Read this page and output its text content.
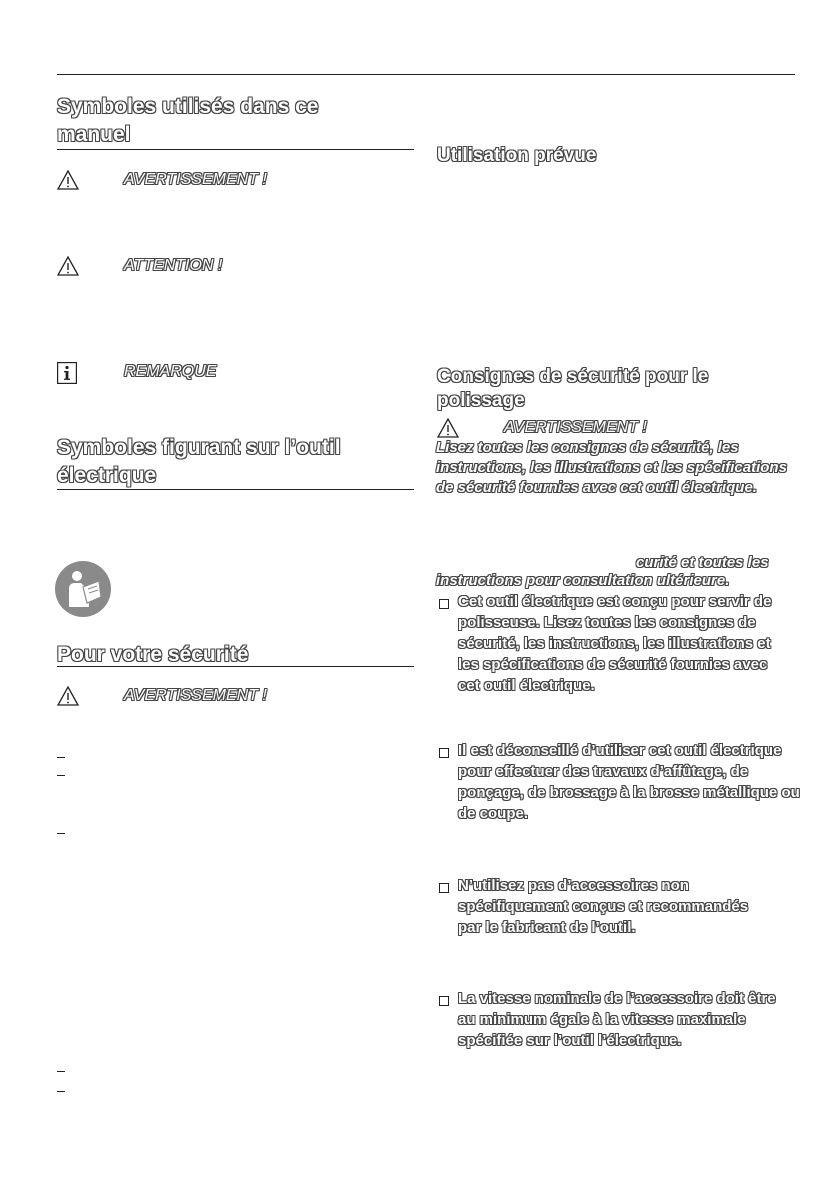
Symboles utilisés dans ce manuel
AVERTISSEMENT !
ATTENTION !
REMARQUE
Symboles figurant sur l’outil électrique
Pour votre sécurité
AVERTISSEMENT !
Utilisation prévue
Consignes de sécurité pour le polissage
AVERTISSEMENT !
Lisez toutes les consignes de sécurité, les instructions, les illustrations et les spécifications de sécurité fournies avec cet outil électrique.
curité et toutes les
instructions pour consultation ultérieure.
Cet outil électrique est conçu pour servir de polisseuse. Lisez toutes les consignes de sécurité, les instructions, les illustrations et les spécifications de sécurité fournies avec cet outil électrique.
Il est déconseillé d’utiliser cet outil électrique pour effectuer des travaux d’affûtage, de ponçage, de brossage à la brosse métallique ou de coupe.
N’utilisez pas d’accessoires non spécifiquement conçus et recommandés par le fabricant de l’outil.
La vitesse nominale de l’accessoire doit être au minimum égale à la vitesse maximale spécifiée sur l’outil l’électrique.
